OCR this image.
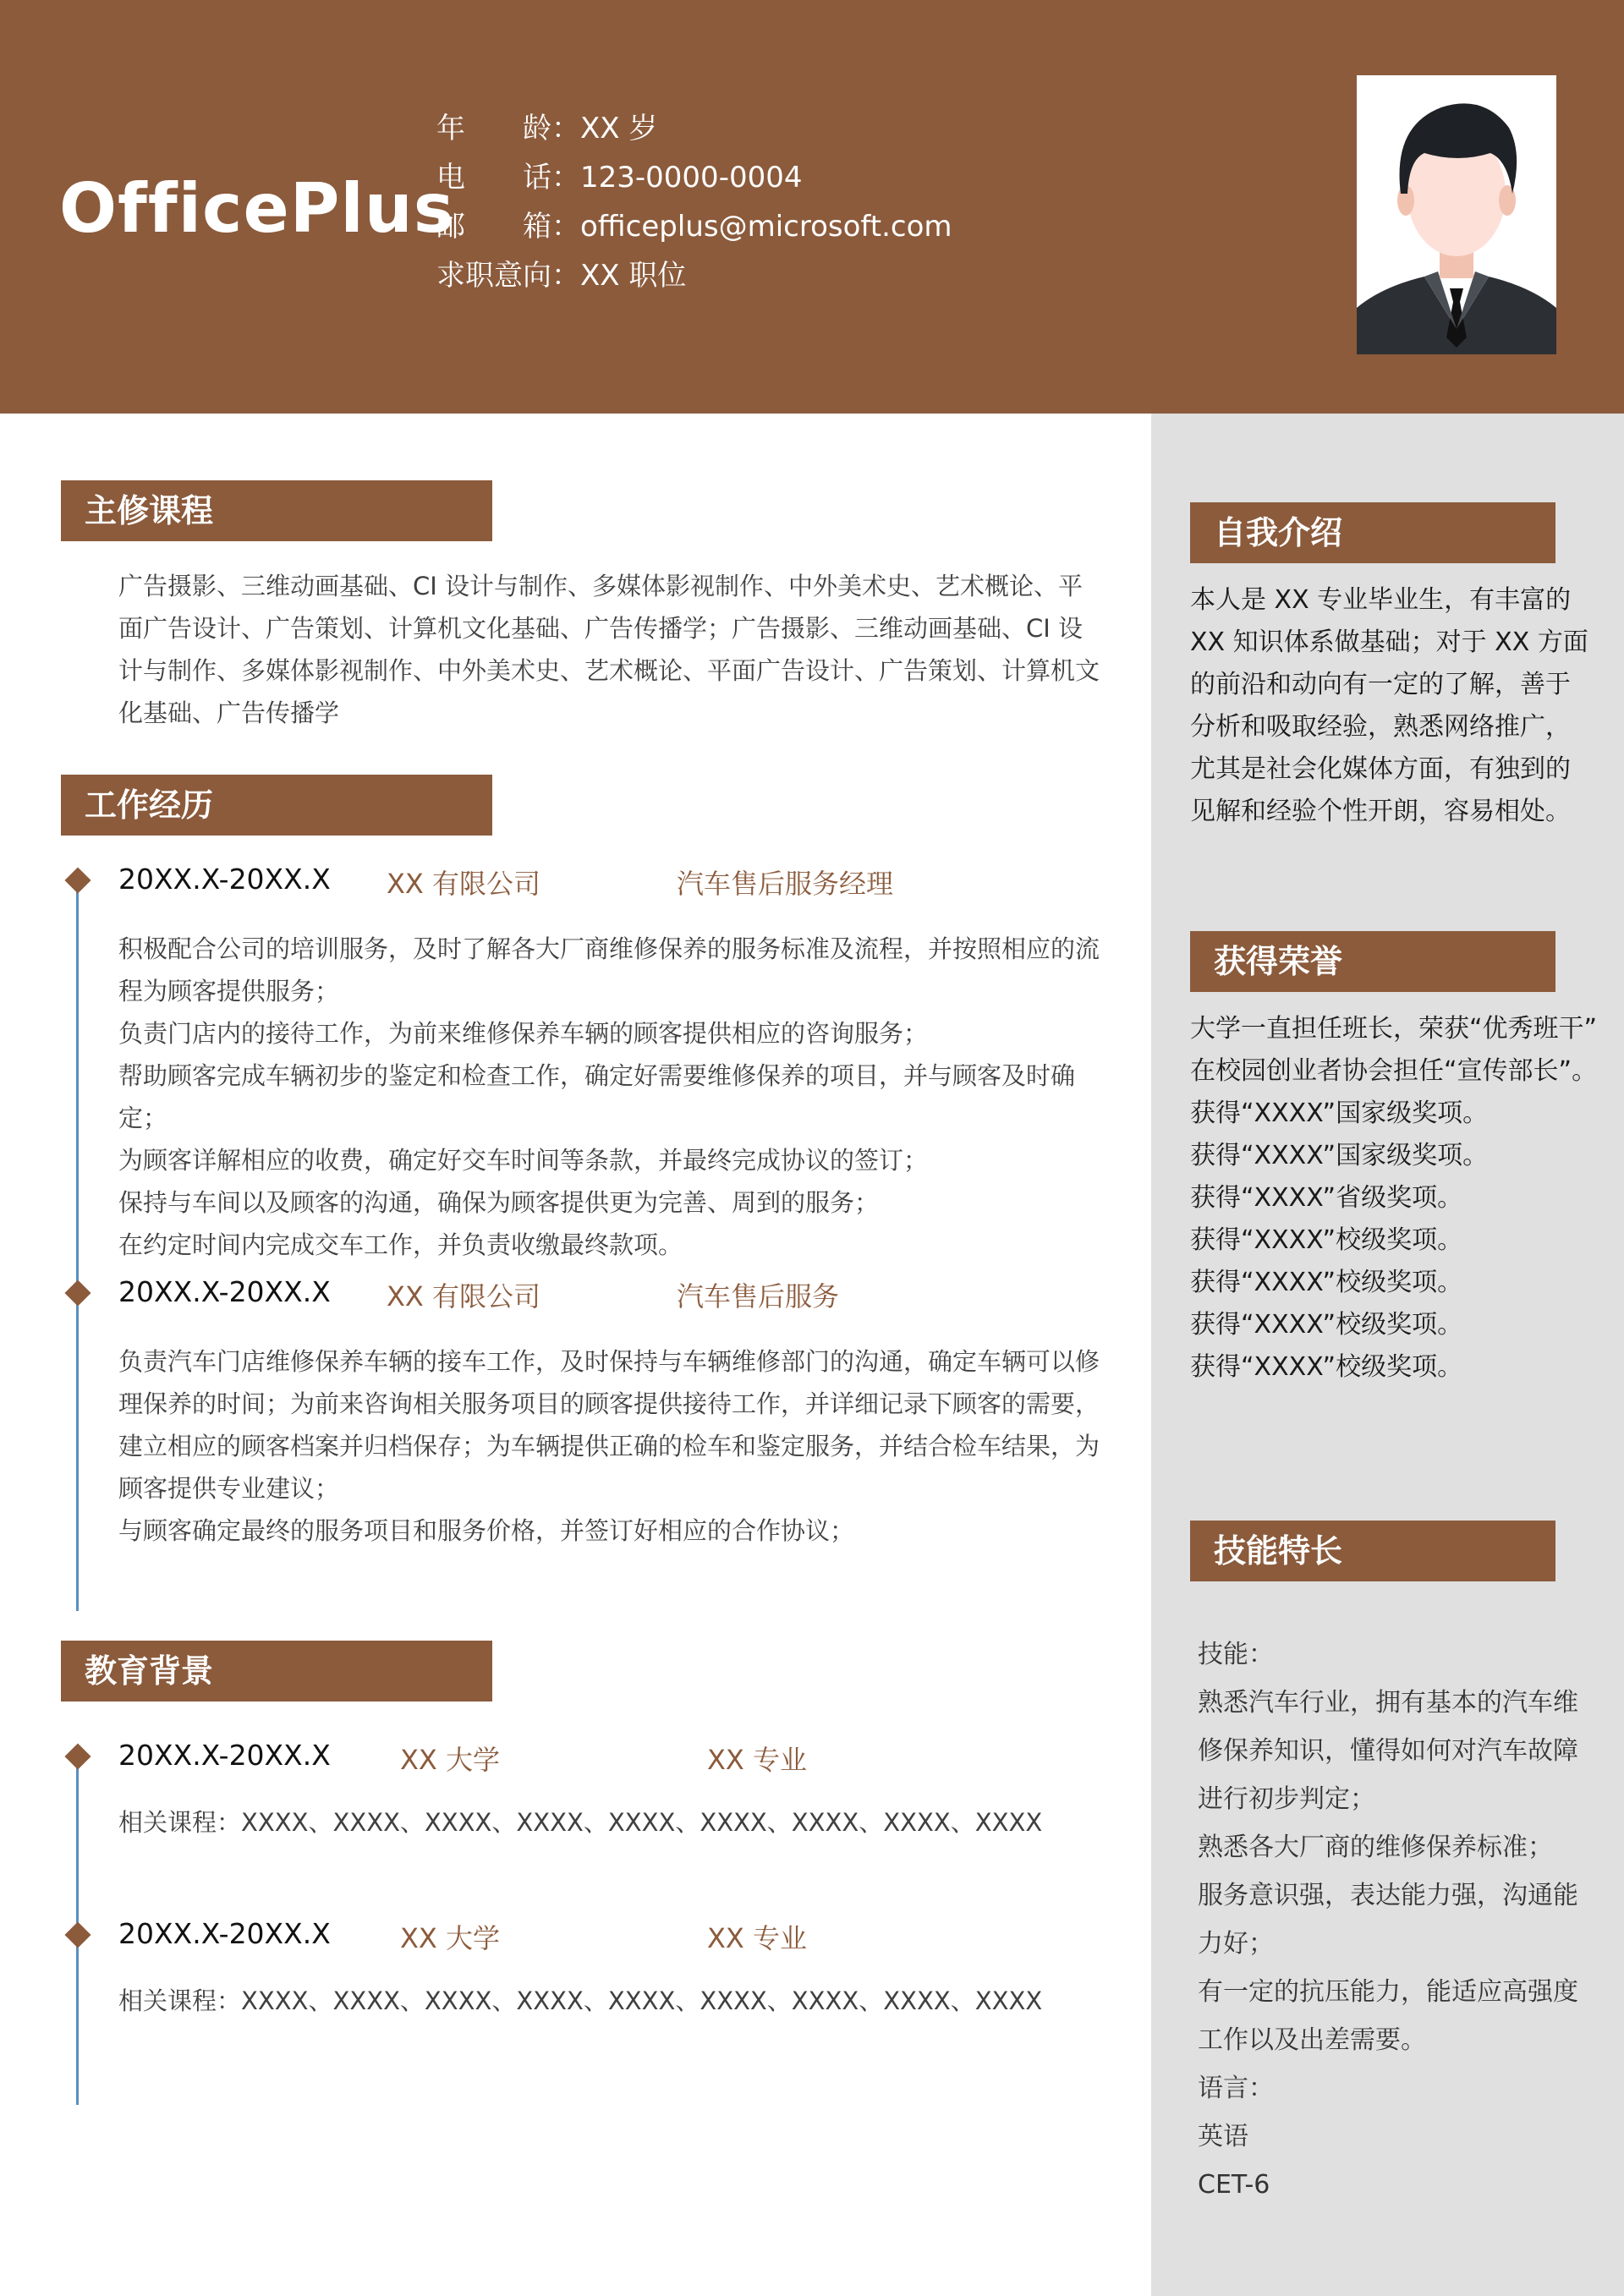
OfficePlus
年　　龄：XX 岁
电　　话：123-0000-0004
邮　　箱：officeplus@microsoft.com
求职意向：XX 职位
主修课程
广告摄影、三维动画基础、CI 设计与制作、多媒体影视制作、中外美术史、艺术概论、平面广告设计、广告策划、计算机文化基础、广告传播学；广告摄影、三维动画基础、CI 设计与制作、多媒体影视制作、中外美术史、艺术概论、平面广告设计、广告策划、计算机文化基础、广告传播学
工作经历
20XX.X-20XX.X XX 有限公司	汽车售后服务经理
积极配合公司的培训服务，及时了解各大厂商维修保养的服务标准及流程，并按照相应的流程为顾客提供服务；
负责门店内的接待工作，为前来维修保养车辆的顾客提供相应的咨询服务；
帮助顾客完成车辆初步的鉴定和检查工作，确定好需要维修保养的项目，并与顾客及时确定；
为顾客详解相应的收费，确定好交车时间等条款，并最终完成协议的签订；
保持与车间以及顾客的沟通，确保为顾客提供更为完善、周到的服务；
在约定时间内完成交车工作，并负责收缴最终款项。
20XX.X-20XX.X XX 有限公司	汽车售后服务
负责汽车门店维修保养车辆的接车工作，及时保持与车辆维修部门的沟通，确定车辆可以修理保养的时间；为前来咨询相关服务项目的顾客提供接待工作，并详细记录下顾客的需要，建立相应的顾客档案并归档保存；为车辆提供正确的检车和鉴定服务，并结合检车结果，为顾客提供专业建议；
与顾客确定最终的服务项目和服务价格，并签订好相应的合作协议；
教育背景
20XX.X-20XX.X	XX 大学	XX 专业
相关课程：XXXX、XXXX、XXXX、XXXX、XXXX、XXXX、XXXX、XXXX、XXXX
20XX.X-20XX.X	XX 大学	XX 专业
相关课程：XXXX、XXXX、XXXX、XXXX、XXXX、XXXX、XXXX、XXXX、XXXX
自我介绍
本人是 XX 专业毕业生，有丰富的 XX 知识体系做基础；对于 XX 方面的前沿和动向有一定的了解，善于分析和吸取经验，熟悉网络推广，尤其是社会化媒体方面，有独到的见解和经验个性开朗，容易相处。
获得荣誉
大学一直担任班长，荣获“优秀班干”
在校园创业者协会担任“宣传部长”。
获得“XXXX”国家级奖项。
获得“XXXX”国家级奖项。
获得“XXXX”省级奖项。
获得“XXXX”校级奖项。
获得“XXXX”校级奖项。
获得“XXXX”校级奖项。
获得“XXXX”校级奖项。
技能特长
技能：
熟悉汽车行业，拥有基本的汽车维修保养知识，懂得如何对汽车故障进行初步判定；
熟悉各大厂商的维修保养标准；
服务意识强，表达能力强，沟通能力好；
有一定的抗压能力，能适应高强度工作以及出差需要。
语言：
英语
CET-6
